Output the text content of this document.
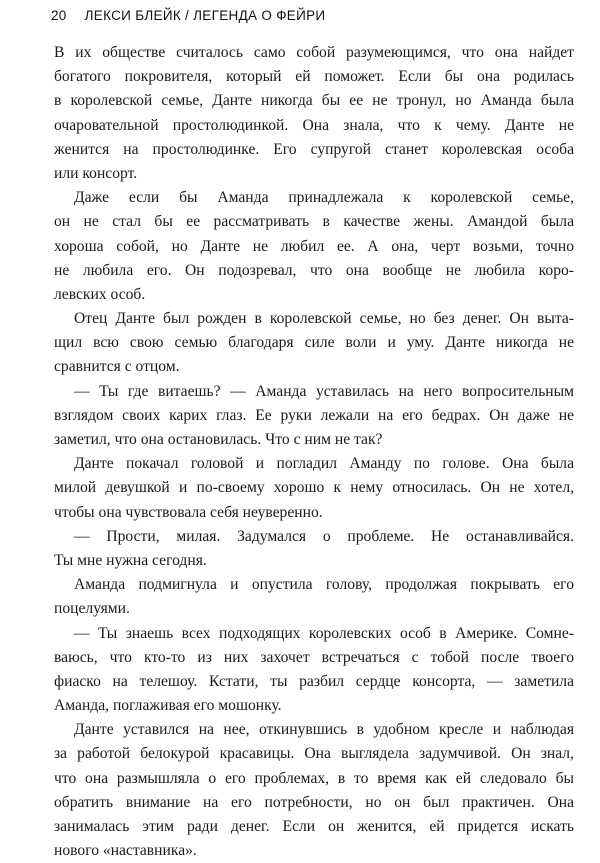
20 ЛЕКСИ БЛЕЙК / ЛЕГЕНДА О ФЕЙРИ
В их обществе считалось само собой разумеющимся, что она найдет
богатого покровителя, который ей поможет. Если бы она родилась
в королевской семье, Данте никогда бы ее не тронул, но Аманда была
очаровательной простолюдинкой. Она знала, что к чему. Данте не
женится на простолюдинке. Его супругой станет королевская особа
или консорт.
Даже если бы Аманда принадлежала к королевской семье,
он не стал бы ее рассматривать в качестве жены. Амандой была
хороша собой, но Данте не любил ее. А она, черт возьми, точно
не любила его. Он подозревал, что она вообще не любила коро-
левских особ.
Отец Данте был рожден в королевской семье, но без денег. Он выта-
щил всю свою семью благодаря силе воли и уму. Данте никогда не
сравнится с отцом.
— Ты где витаешь? — Аманда уставилась на него вопросительным
взглядом своих карих глаз. Ее руки лежали на его бедрах. Он даже не
заметил, что она остановилась. Что с ним не так?
Данте покачал головой и погладил Аманду по голове. Она была
милой девушкой и по-своему хорошо к нему относилась. Он не хотел,
чтобы она чувствовала себя неуверенно.
— Прости, милая. Задумался о проблеме. Не останавливайся.
Ты мне нужна сегодня.
Аманда подмигнула и опустила голову, продолжая покрывать его
поцелуями.
— Ты знаешь всех подходящих королевских особ в Америке. Сомне-
ваюсь, что кто-то из них захочет встречаться с тобой после твоего
фиаско на телешоу. Кстати, ты разбил сердце консорта, — заметила
Аманда, поглаживая его мошонку.
Данте уставился на нее, откинувшись в удобном кресле и наблюдая
за работой белокурой красавицы. Она выглядела задумчивой. Он знал,
что она размышляла о его проблемах, в то время как ей следовало бы
обратить внимание на его потребности, но он был практичен. Она
занималась этим ради денег. Если он женится, ей придется искать
нового «наставника».
